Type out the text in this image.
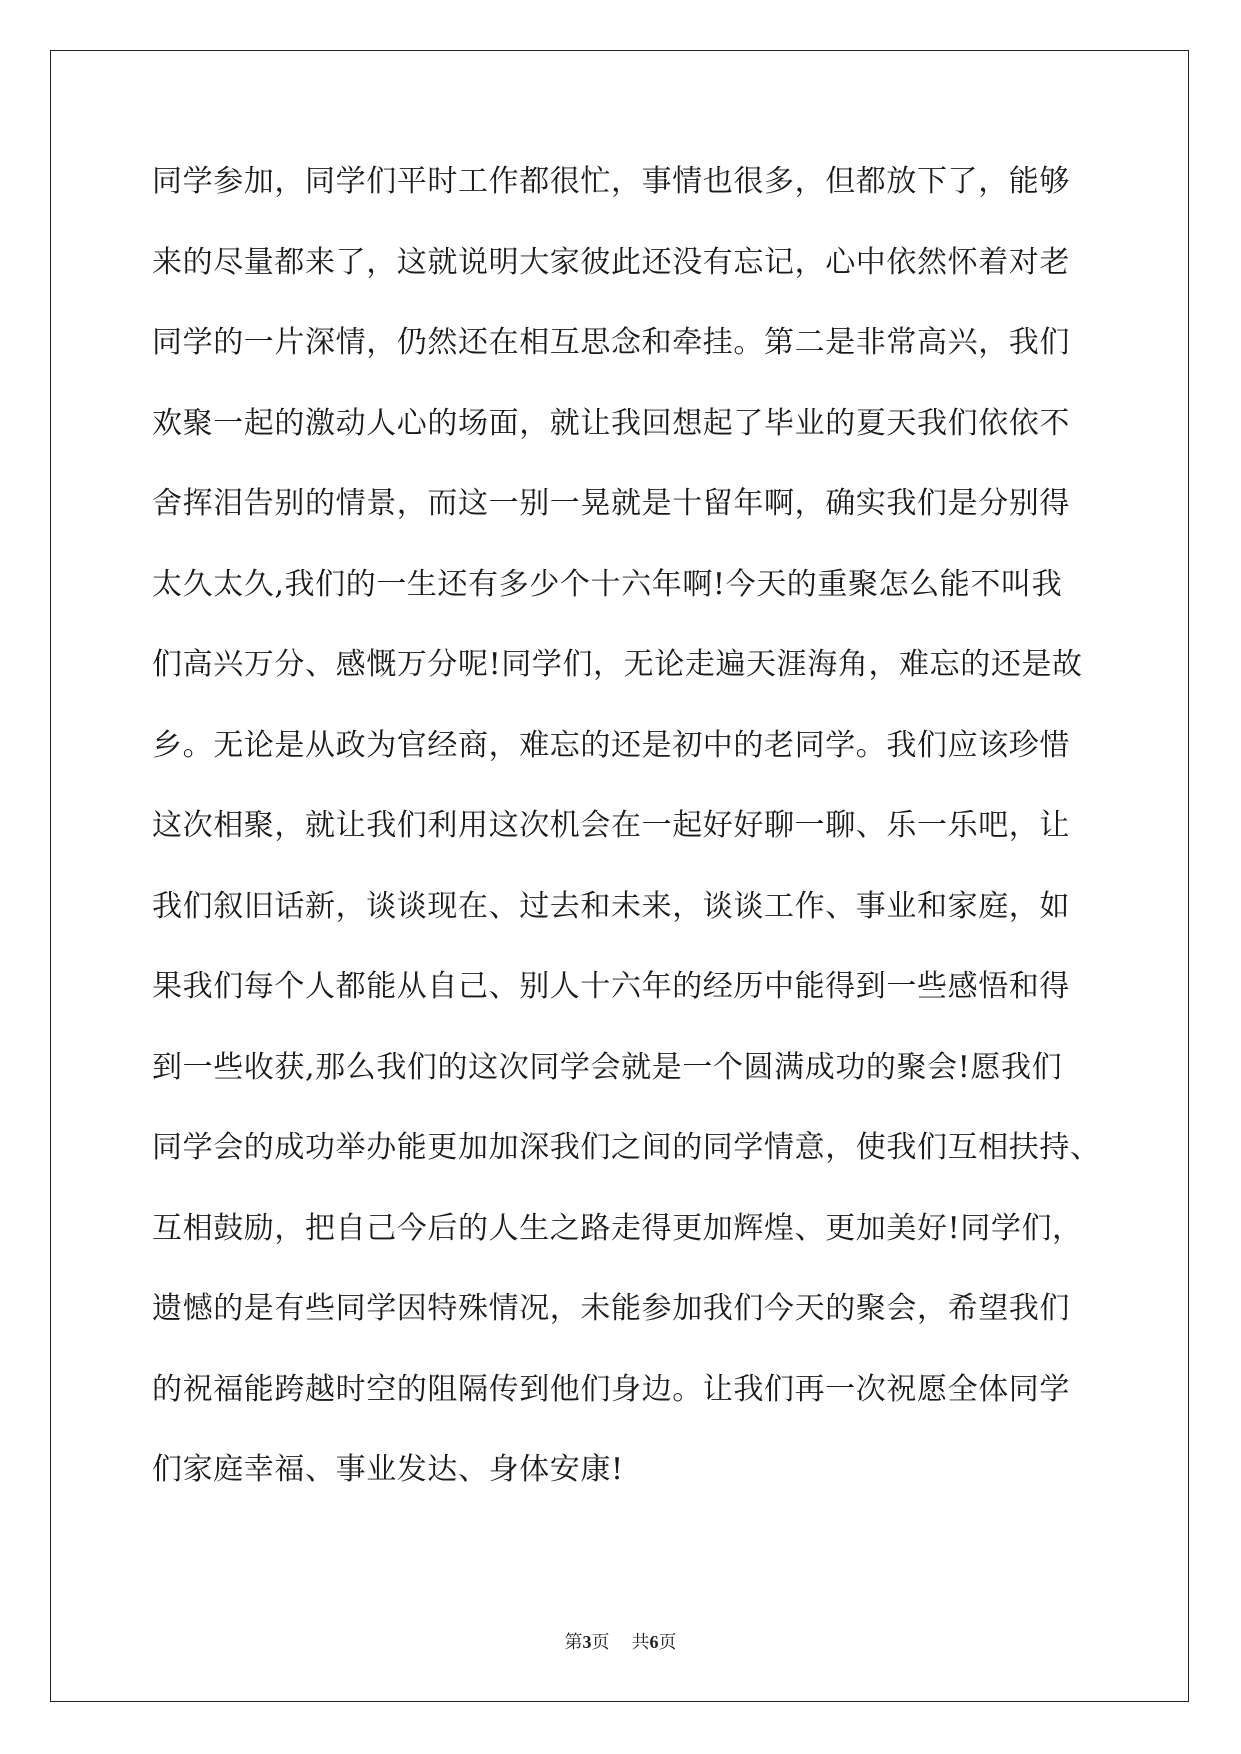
同学参加，同学们平时工作都很忙，事情也很多，但都放下了，能够
来的尽量都来了，这就说明大家彼此还没有忘记，心中依然怀着对老
同学的一片深情，仍然还在相互思念和牵挂。第二是非常高兴，我们
欢聚一起的激动人心的场面，就让我回想起了毕业的夏天我们依依不
舍挥泪告别的情景，而这一别一晃就是十留年啊，确实我们是分别得
太久太久,我们的一生还有多少个十六年啊!今天的重聚怎么能不叫我
们高兴万分、感慨万分呢!同学们，无论走遍天涯海角，难忘的还是故
乡。无论是从政为官经商，难忘的还是初中的老同学。我们应该珍惜
这次相聚，就让我们利用这次机会在一起好好聊一聊、乐一乐吧，让
我们叙旧话新，谈谈现在、过去和未来，谈谈工作、事业和家庭，如
果我们每个人都能从自己、别人十六年的经历中能得到一些感悟和得
到一些收获,那么我们的这次同学会就是一个圆满成功的聚会!愿我们
同学会的成功举办能更加加深我们之间的同学情意，使我们互相扶持、
互相鼓励，把自己今后的人生之路走得更加辉煌、更加美好!同学们，
遗憾的是有些同学因特殊情况，未能参加我们今天的聚会，希望我们
的祝福能跨越时空的阻隔传到他们身边。让我们再一次祝愿全体同学
们家庭幸福、事业发达、身体安康!
第3页 共6页
